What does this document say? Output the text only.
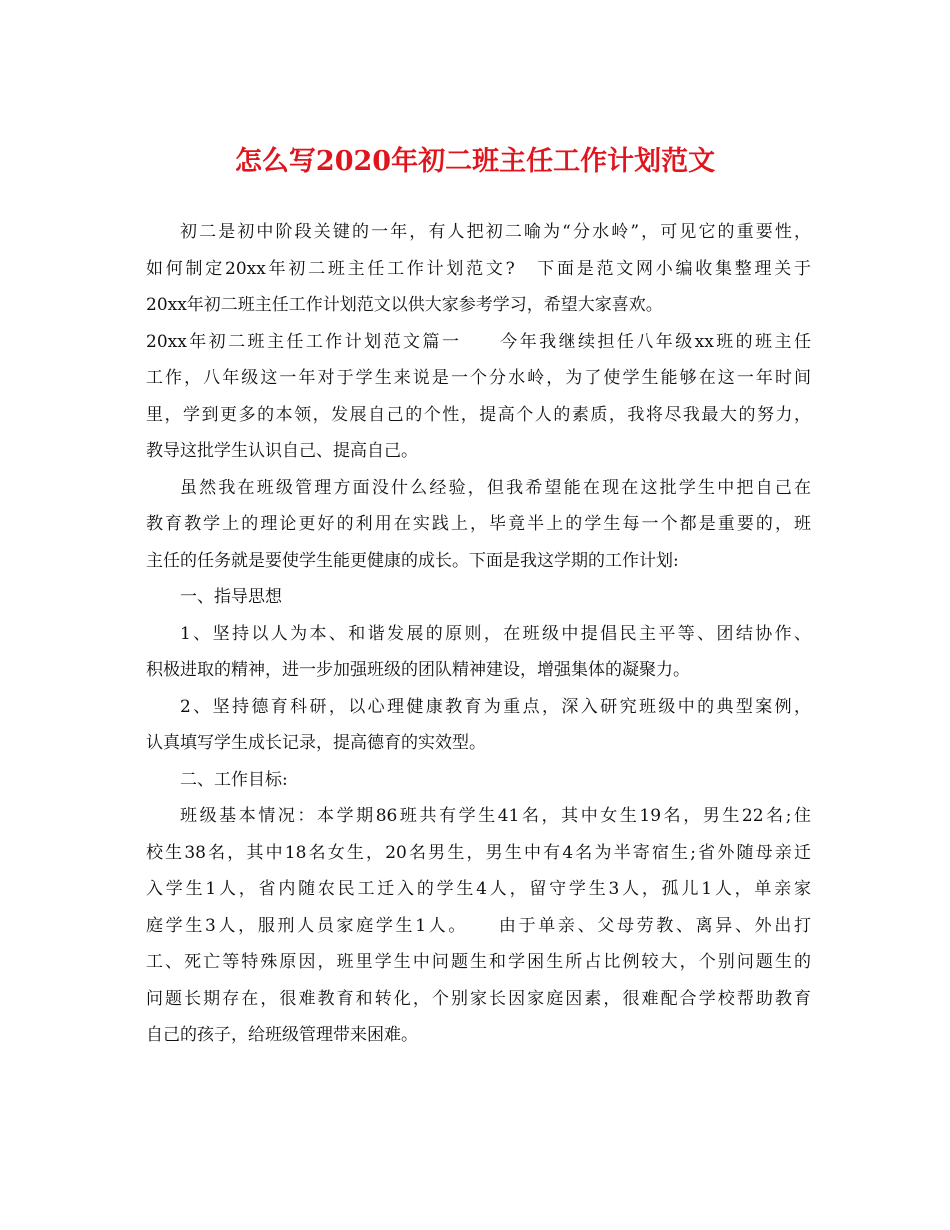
怎么写2020年初二班主任工作计划范文
初二是初中阶段关键的一年，有人把初二喻为“分水岭”，可见它的重要性，
如何制定20xx年初二班主任工作计划范文?　下面是范文网小编收集整理关于
20xx年初二班主任工作计划范文以供大家参考学习，希望大家喜欢。
20xx年初二班主任工作计划范文篇一　　今年我继续担任八年级xx班的班主任
工作，八年级这一年对于学生来说是一个分水岭，为了使学生能够在这一年时间
里，学到更多的本领，发展自己的个性，提高个人的素质，我将尽我最大的努力，
教导这批学生认识自己、提高自己。
虽然我在班级管理方面没什么经验，但我希望能在现在这批学生中把自己在
教育教学上的理论更好的利用在实践上，毕竟半上的学生每一个都是重要的，班
主任的任务就是要使学生能更健康的成长。下面是我这学期的工作计划:
一、指导思想
1、坚持以人为本、和谐发展的原则，在班级中提倡民主平等、团结协作、
积极进取的精神，进一步加强班级的团队精神建设，增强集体的凝聚力。
2、坚持德育科研，以心理健康教育为重点，深入研究班级中的典型案例，
认真填写学生成长记录，提高德育的实效型。
二、工作目标:
班级基本情况：本学期86班共有学生41名，其中女生19名，男生22名;住
校生38名，其中18名女生，20名男生，男生中有4名为半寄宿生;省外随母亲迁
入学生1人，省内随农民工迁入的学生4人，留守学生3人，孤儿1人，单亲家
庭学生3人，服刑人员家庭学生1人。　　由于单亲、父母劳教、离异、外出打
工、死亡等特殊原因，班里学生中问题生和学困生所占比例较大，个别问题生的
问题长期存在，很难教育和转化，个别家长因家庭因素，很难配合学校帮助教育
自己的孩子，给班级管理带来困难。
